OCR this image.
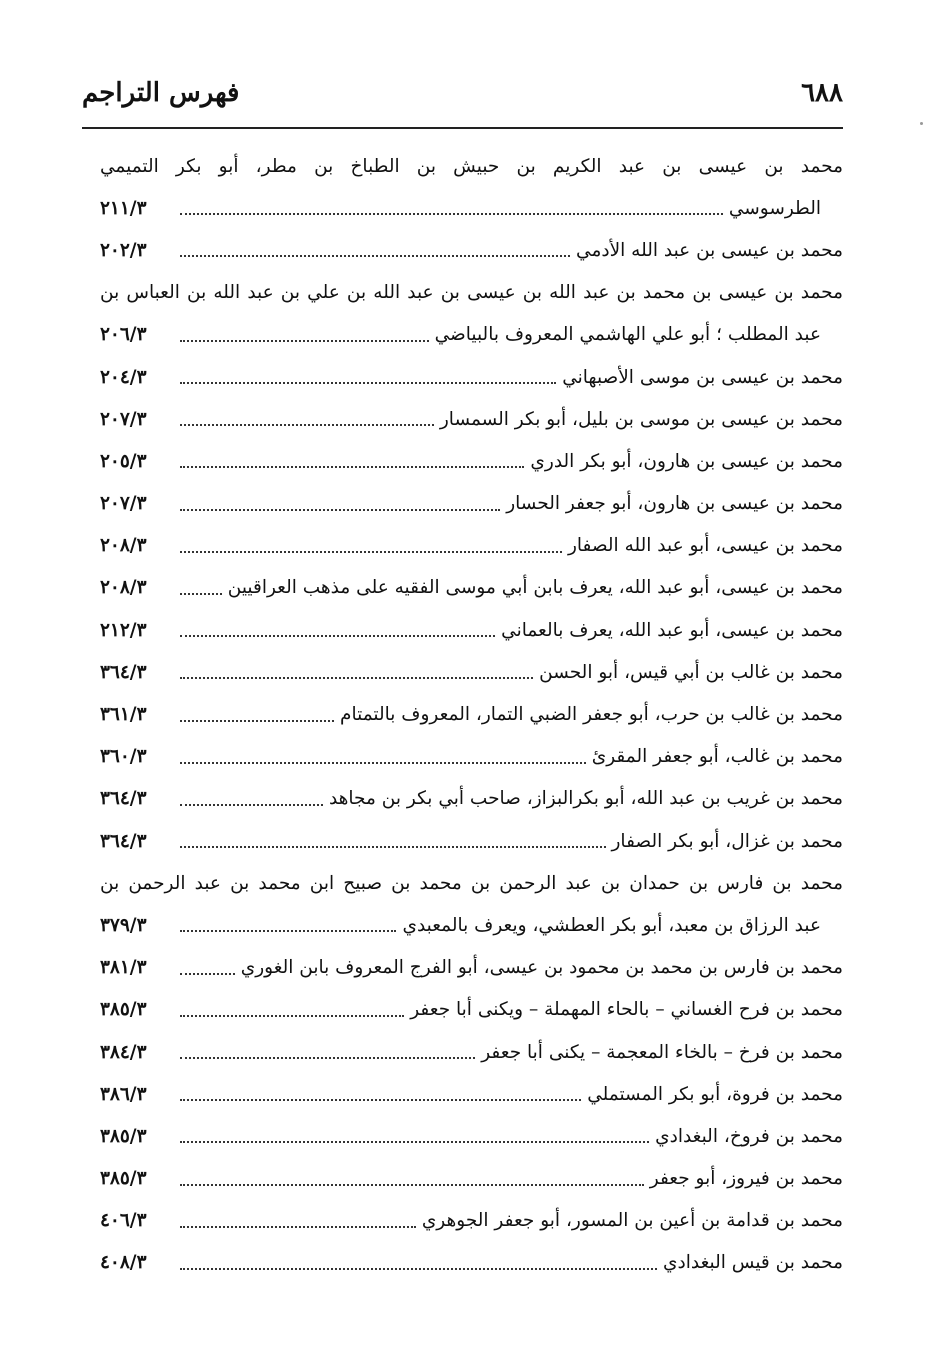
٦٨٨
فهرس التراجم
محمد بن عيسى بن عبد الكريم بن حبيش بن الطباخ بن مطر، أبو بكر التميمي
الطرسوسي
٢١١/٣
محمد بن عيسى بن عبد الله الأدمي
٢٠٢/٣
محمد بن عيسى بن محمد بن عبد الله بن عيسى بن عبد الله بن علي بن عبد الله بن العباس بن
عبد المطلب ؛ أبو علي الهاشمي المعروف بالبياضي
٢٠٦/٣
محمد بن عيسى بن موسى الأصبهاني
٢٠٤/٣
محمد بن عيسى بن موسى بن بليل، أبو بكر السمسار
٢٠٧/٣
محمد بن عيسى بن هارون، أبو بكر الدري
٢٠٥/٣
محمد بن عيسى بن هارون، أبو جعفر الحسار
٢٠٧/٣
محمد بن عيسى، أبو عبد الله الصفار
٢٠٨/٣
محمد بن عيسى، أبو عبد الله، يعرف بابن أبي موسى الفقيه على مذهب العراقيين
٢٠٨/٣
محمد بن عيسى، أبو عبد الله، يعرف بالعماني
٢١٢/٣
محمد بن غالب بن أبي قيس، أبو الحسن
٣٦٤/٣
محمد بن غالب بن حرب، أبو جعفر الضبي التمار، المعروف بالتمتام
٣٦١/٣
محمد بن غالب، أبو جعفر المقرئ
٣٦٠/٣
محمد بن غريب بن عبد الله، أبو بكرالبزاز، صاحب أبي بكر بن مجاهد
٣٦٤/٣
محمد بن غزال، أبو بكر الصفار
٣٦٤/٣
محمد بن فارس بن حمدان بن عبد الرحمن بن محمد بن صبيح ابن محمد بن عبد الرحمن بن
عبد الرزاق بن معبد، أبو بكر العطشي، ويعرف بالمعبدي
٣٧٩/٣
محمد بن فارس بن محمد بن محمود بن عيسى، أبو الفرج المعروف بابن الغوري
٣٨١/٣
محمد بن فرح الغساني – بالحاء المهملة – ويكنى أبا جعفر
٣٨٥/٣
محمد بن فرخ – بالخاء المعجمة – يكنى أبا جعفر
٣٨٤/٣
محمد بن فروة، أبو بكر المستملي
٣٨٦/٣
محمد بن فروخ، البغدادي
٣٨٥/٣
محمد بن فيروز، أبو جعفر
٣٨٥/٣
محمد بن قدامة بن أعين بن المسور، أبو جعفر الجوهري
٤٠٦/٣
محمد بن قيس البغدادي
٤٠٨/٣
